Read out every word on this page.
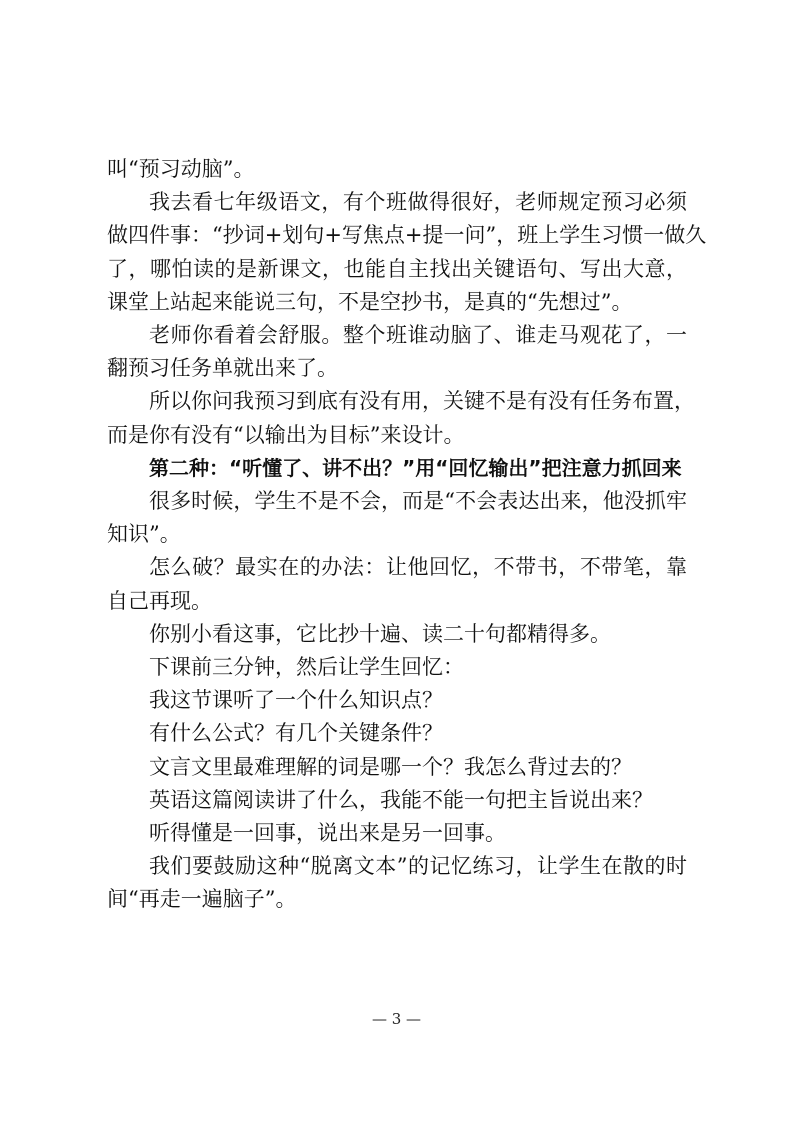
叫“预习动脑”。

我去看七年级语文，有个班做得很好，老师规定预习必须

做四件事：“抄词+划句+写焦点+提一问”，班上学生习惯一做久

了，哪怕读的是新课文，也能自主找出关键语句、写出大意，

课堂上站起来能说三句，不是空抄书，是真的“先想过”。

老师你看着会舒服。整个班谁动脑了、谁走马观花了，一

翻预习任务单就出来了。

所以你问我预习到底有没有用，关键不是有没有任务布置，

而是你有没有“以输出为目标”来设计。

第二种：“听懂了、讲不出？”用“回忆输出”把注意力抓回来

很多时候，学生不是不会，而是“不会表达出来，他没抓牢

知识”。

怎么破？最实在的办法：让他回忆，不带书，不带笔，靠

自己再现。

你别小看这事，它比抄十遍、读二十句都精得多。

下课前三分钟，然后让学生回忆：

我这节课听了一个什么知识点？

有什么公式？有几个关键条件？

文言文里最难理解的词是哪一个？我怎么背过去的？

英语这篇阅读讲了什么，我能不能一句把主旨说出来？

听得懂是一回事，说出来是另一回事。

我们要鼓励这种“脱离文本”的记忆练习，让学生在散的时

间“再走一遍脑子”。

— 3 —
